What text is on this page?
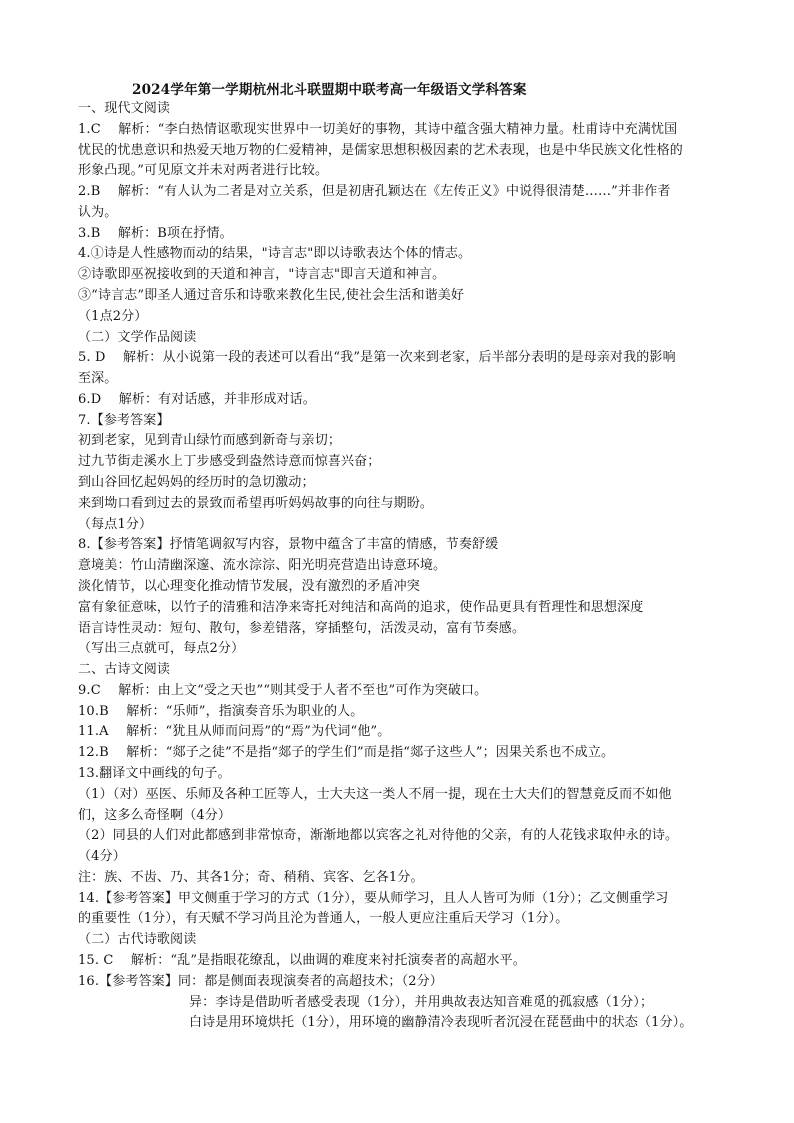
2024学年第一学期杭州北斗联盟期中联考高一年级语文学科答案
一、现代文阅读
1.C　 解析：“李白热情讴歌现实世界中一切美好的事物，其诗中蕴含强大精神力量。杜甫诗中充满忧国
忧民的忧患意识和热爱天地万物的仁爱精神，是儒家思想积极因素的艺术表现，也是中华民族文化性格的
形象凸现。”可见原文并未对两者进行比较。
2.B　 解析：“有人认为二者是对立关系，但是初唐孔颖达在《左传正义》中说得很清楚……”并非作者
认为。
3.B　 解析：B项在抒情。
4.①诗是人性感物而动的结果，"诗言志"即以诗歌表达个体的情志。
②诗歌即巫祝接收到的天道和神言，"诗言志"即言天道和神言。
③“诗言志”即圣人通过音乐和诗歌来教化生民,使社会生活和谐美好
（1点2分）
（二）文学作品阅读
5. D　 解析：从小说第一段的表述可以看出“我”是第一次来到老家，后半部分表明的是母亲对我的影响
至深。
6.D　 解析：有对话感，并非形成对话。
7.【参考答案】
初到老家，见到青山绿竹而感到新奇与亲切；
过九节街走溪水上丁步感受到盎然诗意而惊喜兴奋；
到山谷回忆起妈妈的经历时的急切激动；
来到坳口看到过去的景致而希望再听妈妈故事的向往与期盼。
（每点1分）
8.【参考答案】抒情笔调叙写内容，景物中蕴含了丰富的情感，节奏舒缓
意境美：竹山清幽深邃、流水淙淙、阳光明亮营造出诗意环境。
淡化情节，以心理变化推动情节发展，没有激烈的矛盾冲突
富有象征意味，以竹子的清雅和洁净来寄托对纯洁和高尚的追求，使作品更具有哲理性和思想深度
语言诗性灵动：短句、散句，参差错落，穿插整句，活泼灵动，富有节奏感。
（写出三点就可，每点2分）
二、古诗文阅读
9.C　 解析：由上文“受之天也”“则其受于人者不至也”可作为突破口。
10.B　 解析：“乐师”，指演奏音乐为职业的人。
11.A　 解析：“犹且从师而问焉”的“焉”为代词“他”。
12.B　 解析：“郯子之徒”不是指“郯子的学生们”而是指“郯子这些人”；因果关系也不成立。
13.翻译文中画线的句子。
（1）（对）巫医、乐师及各种工匠等人，士大夫这一类人不屑一提，现在士大夫们的智慧竟反而不如他
们，这多么奇怪啊（4分）
（2）同县的人们对此都感到非常惊奇，渐渐地都以宾客之礼对待他的父亲，有的人花钱求取仲永的诗。
（4分）
注：族、不齿、乃、其各1分；奇、稍稍、宾客、乞各1分。
14.【参考答案】甲文侧重于学习的方式（1分），要从师学习，且人人皆可为师（1分）；乙文侧重学习
的重要性（1分），有天赋不学习尚且沦为普通人，一般人更应注重后天学习（1分）。
（二）古代诗歌阅读
15. C　 解析：“乱”是指眼花缭乱，以曲调的难度来衬托演奏者的高超水平。
16.【参考答案】同：都是侧面表现演奏者的高超技术；（2分）
异：李诗是借助听者感受表现（1分），并用典故表达知音难觅的孤寂感（1分）；
白诗是用环境烘托（1分），用环境的幽静清冷表现听者沉浸在琵琶曲中的状态（1分）。
